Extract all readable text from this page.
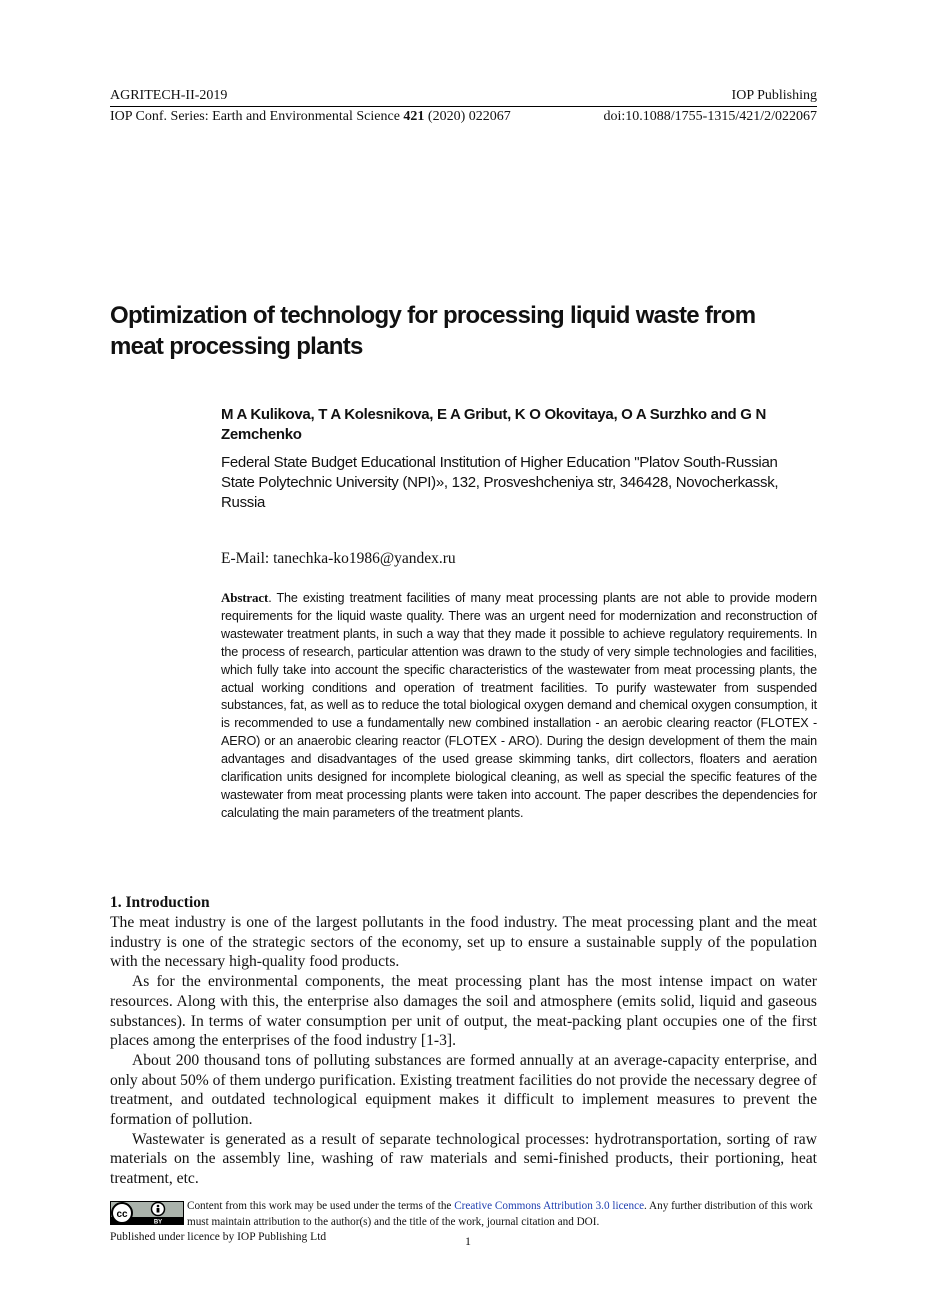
AGRITECH-II-2019	IOP Publishing
IOP Conf. Series: Earth and Environmental Science 421 (2020) 022067	doi:10.1088/1755-1315/421/2/022067
Optimization of technology for processing liquid waste from meat processing plants
M A Kulikova, T A Kolesnikova, E A Gribut, K O Okovitaya, O A Surzhko and G N Zemchenko
Federal State Budget Educational Institution of Higher Education "Platov South-Russian State Polytechnic University (NPI)», 132, Prosveshcheniya str, 346428, Novocherkassk, Russia
E-Mail: tanechka-ko1986@yandex.ru
Abstract. The existing treatment facilities of many meat processing plants are not able to provide modern requirements for the liquid waste quality. There was an urgent need for modernization and reconstruction of wastewater treatment plants, in such a way that they made it possible to achieve regulatory requirements. In the process of research, particular attention was drawn to the study of very simple technologies and facilities, which fully take into account the specific characteristics of the wastewater from meat processing plants, the actual working conditions and operation of treatment facilities. To purify wastewater from suspended substances, fat, as well as to reduce the total biological oxygen demand and chemical oxygen consumption, it is recommended to use a fundamentally new combined installation - an aerobic clearing reactor (FLOTEX - AERO) or an anaerobic clearing reactor (FLOTEX - ARO). During the design development of them the main advantages and disadvantages of the used grease skimming tanks, dirt collectors, floaters and aeration clarification units designed for incomplete biological cleaning, as well as special the specific features of the wastewater from meat processing plants were taken into account. The paper describes the dependencies for calculating the main parameters of the treatment plants.
1. Introduction

The meat industry is one of the largest pollutants in the food industry. The meat processing plant and the meat industry is one of the strategic sectors of the economy, set up to ensure a sustainable supply of the population with the necessary high-quality food products.

As for the environmental components, the meat processing plant has the most intense impact on water resources. Along with this, the enterprise also damages the soil and atmosphere (emits solid, liquid and gaseous substances). In terms of water consumption per unit of output, the meat-packing plant occupies one of the first places among the enterprises of the food industry [1-3].

About 200 thousand tons of polluting substances are formed annually at an average-capacity enterprise, and only about 50% of them undergo purification. Existing treatment facilities do not provide the necessary degree of treatment, and outdated technological equipment makes it difficult to implement measures to prevent the formation of pollution.

Wastewater is generated as a result of separate technological processes: hydrotransportation, sorting of raw materials on the assembly line, washing of raw materials and semi-finished products, their portioning, heat treatment, etc.

cc
BY
Content from this work may be used under the terms of the Creative Commons Attribution 3.0 licence. Any further distribution of this work must maintain attribution to the author(s) and the title of the work, journal citation and DOI.
Published under licence by IOP Publishing Ltd	1
